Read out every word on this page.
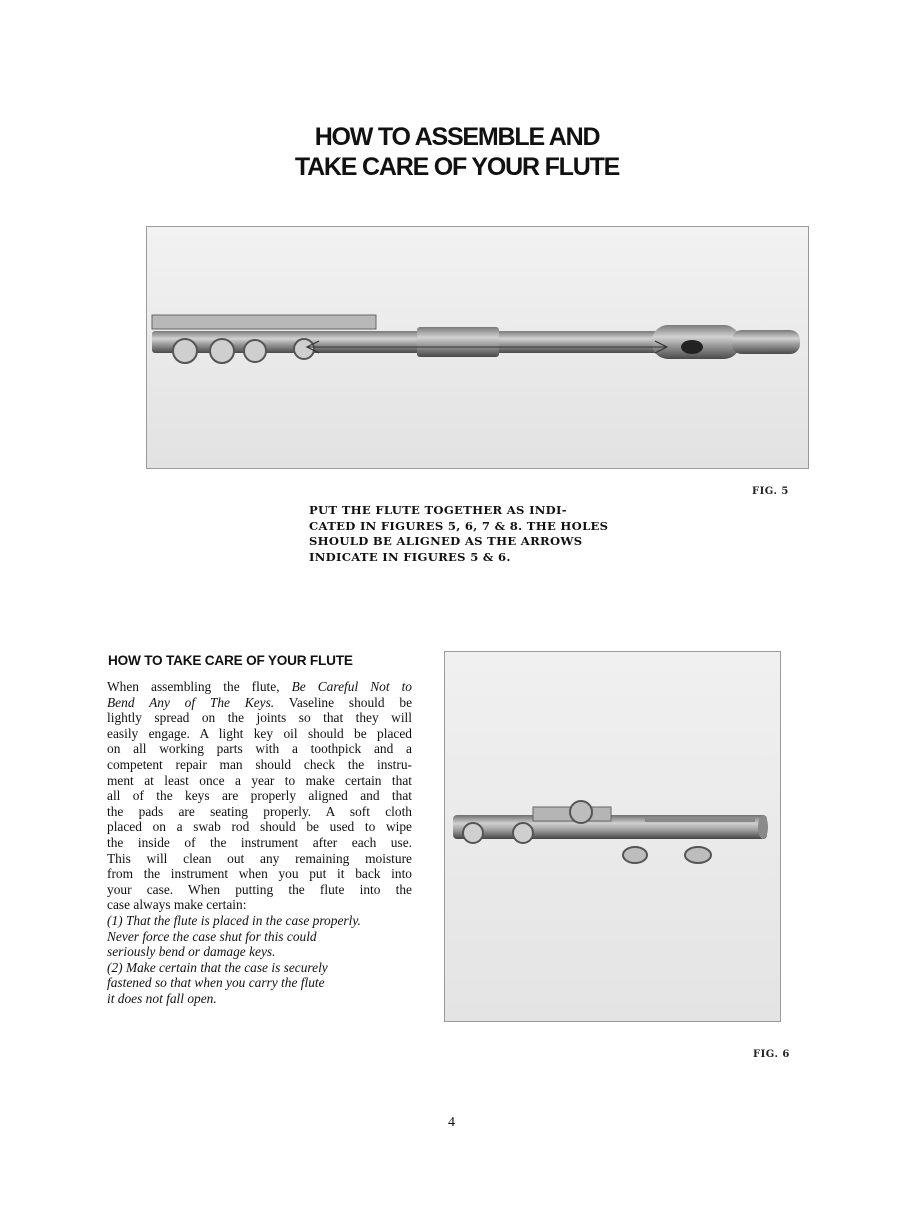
HOW TO ASSEMBLE AND
TAKE CARE OF YOUR FLUTE
FIG. 5
PUT THE FLUTE TOGETHER AS INDI-
CATED IN FIGURES 5, 6, 7 & 8. THE HOLES
SHOULD BE ALIGNED AS THE ARROWS
INDICATE IN FIGURES 5 & 6.
HOW TO TAKE CARE OF YOUR FLUTE
When assembling the flute, Be Careful Not to
Bend Any of The Keys. Vaseline should be
lightly spread on the joints so that they will
easily engage. A light key oil should be placed
on all working parts with a toothpick and a
competent repair man should check the instru-
ment at least once a year to make certain that
all of the keys are properly aligned and that
the pads are seating properly. A soft cloth
placed on a swab rod should be used to wipe
the inside of the instrument after each use.
This will clean out any remaining moisture
from the instrument when you put it back into
your case. When putting the flute into the
case always make certain:
(1) That the flute is placed in the case properly.
Never force the case shut for this could
seriously bend or damage keys.
(2) Make certain that the case is securely
fastened so that when you carry the flute
it does not fall open.
FIG. 6
4
